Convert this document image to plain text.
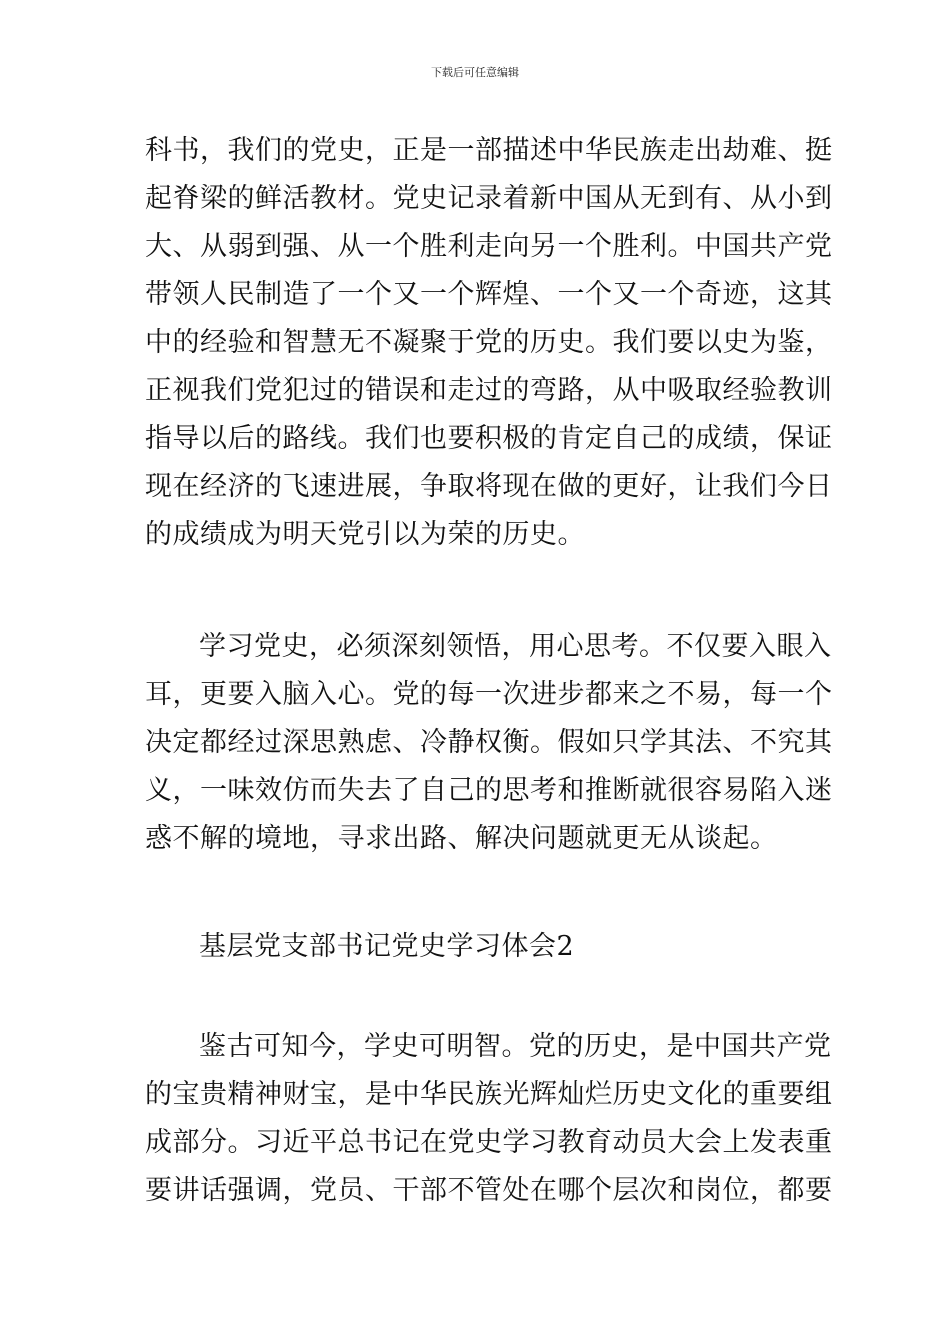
下载后可任意编辑
科书，我们的党史，正是一部描述中华民族走出劫难、挺
起脊梁的鲜活教材。党史记录着新中国从无到有、从小到
大、从弱到强、从一个胜利走向另一个胜利。中国共产党
带领人民制造了一个又一个辉煌、一个又一个奇迹，这其
中的经验和智慧无不凝聚于党的历史。我们要以史为鉴，
正视我们党犯过的错误和走过的弯路，从中吸取经验教训
指导以后的路线。我们也要积极的肯定自己的成绩，保证
现在经济的飞速进展，争取将现在做的更好，让我们今日
的成绩成为明天党引以为荣的历史。
学习党史，必须深刻领悟，用心思考。不仅要入眼入
耳，更要入脑入心。党的每一次进步都来之不易，每一个
决定都经过深思熟虑、冷静权衡。假如只学其法、不究其
义，一味效仿而失去了自己的思考和推断就很容易陷入迷
惑不解的境地，寻求出路、解决问题就更无从谈起。
基层党支部书记党史学习体会2
鉴古可知今，学史可明智。党的历史，是中国共产党
的宝贵精神财宝，是中华民族光辉灿烂历史文化的重要组
成部分。习近平总书记在党史学习教育动员大会上发表重
要讲话强调，党员、干部不管处在哪个层次和岗位，都要
